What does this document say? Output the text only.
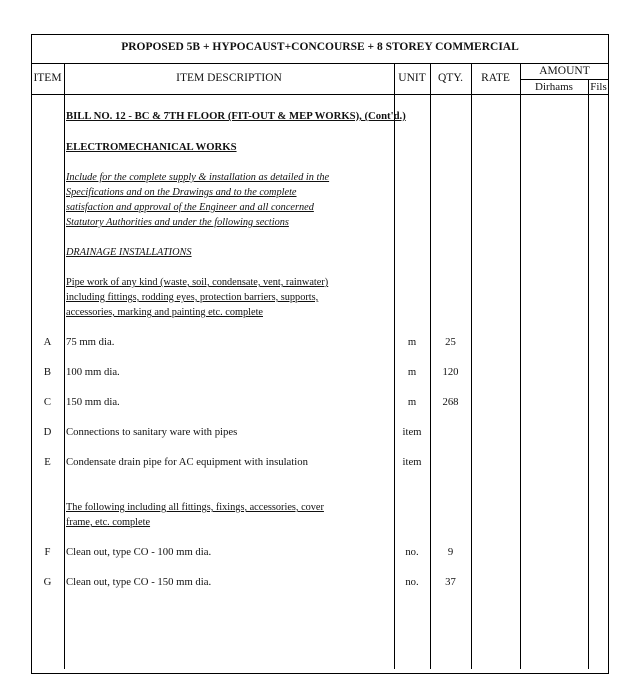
PROPOSED 5B + HYPOCAUST+CONCOURSE + 8 STOREY COMMERCIAL
ITEM	ITEM DESCRIPTION	UNIT	QTY.	RATE
AMOUNT
Dirhams	Fils
BILL NO. 12 - BC & 7TH FLOOR (FIT-OUT & MEP WORKS), (Cont'd.)
ELECTROMECHANICAL WORKS
Include for the complete supply & installation as detailed in the
Specifications and on the Drawings and to the complete
satisfaction and approval of the Engineer and all concerned
Statutory Authorities and under the following sections
DRAINAGE INSTALLATIONS
Pipe work of any kind (waste, soil, condensate, vent, rainwater)
including fittings, rodding eyes, protection barriers, supports,
accessories, marking and painting etc. complete
A	75 mm dia.	m	25
B	100 mm dia.	m	120
C	150 mm dia.	m	268
D	Connections to sanitary ware with pipes	item
E	Condensate drain pipe for AC equipment with insulation	item
The following including all fittings, fixings, accessories, cover
frame, etc. complete
F	Clean out, type CO - 100 mm dia.	no.	9
G	Clean out, type CO - 150 mm dia.	no.	37
